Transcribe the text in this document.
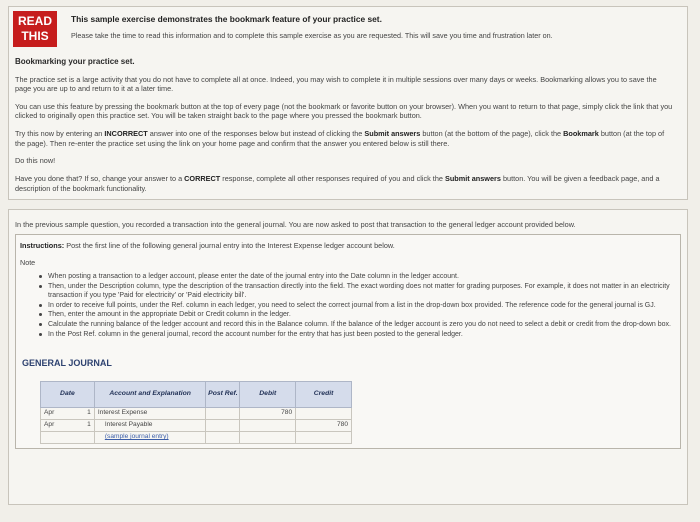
READ
THIS
This sample exercise demonstrates the bookmark feature of your practice set.
Please take the time to read this information and to complete this sample exercise as you are requested. This will save you time and frustration later on.
Bookmarking your practice set.

The practice set is a large activity that you do not have to complete all at once. Indeed, you may wish to complete it in multiple sessions over many days or weeks. Bookmarking allows you to save the page you are up to and return to it at a later time.

You can use this feature by pressing the bookmark button at the top of every page (not the bookmark or favorite button on your browser). When you want to return to that page, simply click the link that you clicked to originally open this practice set. You will be taken straight back to the page where you pressed the bookmark button.

Try this now by entering an INCORRECT answer into one of the responses below but instead of clicking the Submit answers button (at the bottom of the page), click the Bookmark button (at the top of the page). Then re-enter the practice set using the link on your home page and confirm that the answer you entered below is still there.

Do this now!

Have you done that? If so, change your answer to a CORRECT response, complete all other responses required of you and click the Submit answers button. You will be given a feedback page, and a description of the bookmark functionality.

In the previous sample question, you recorded a transaction into the general journal. You are now asked to post that transaction to the general ledger account provided below.

Instructions: Post the first line of the following general journal entry into the Interest Expense ledger account below.

Note

When posting a transaction to a ledger account, please enter the date of the journal entry into the Date column in the ledger account.
Then, under the Description column, type the description of the transaction directly into the field. The exact wording does not matter for grading purposes. For example, it does not matter in an electricity transaction if you type 'Paid for electricity' or 'Paid electricity bill'.
In order to receive full points, under the Ref. column in each ledger, you need to select the correct journal from a list in the drop-down box provided. The reference code for the general journal is GJ.
Then, enter the amount in the appropriate Debit or Credit column in the ledger.
Calculate the running balance of the ledger account and record this in the Balance column. If the balance of the ledger account is zero you do not need to select a debit or credit from the drop-down box.
In the Post Ref. column in the general journal, record the account number for the entry that has just been posted to the general ledger.
GENERAL JOURNAL
Date	Account and Explanation	Post Ref.	Debit	Credit

Apr 1	Interest Expense		780	

Apr 1	Interest Payable			780
	(sample journal entry)			
